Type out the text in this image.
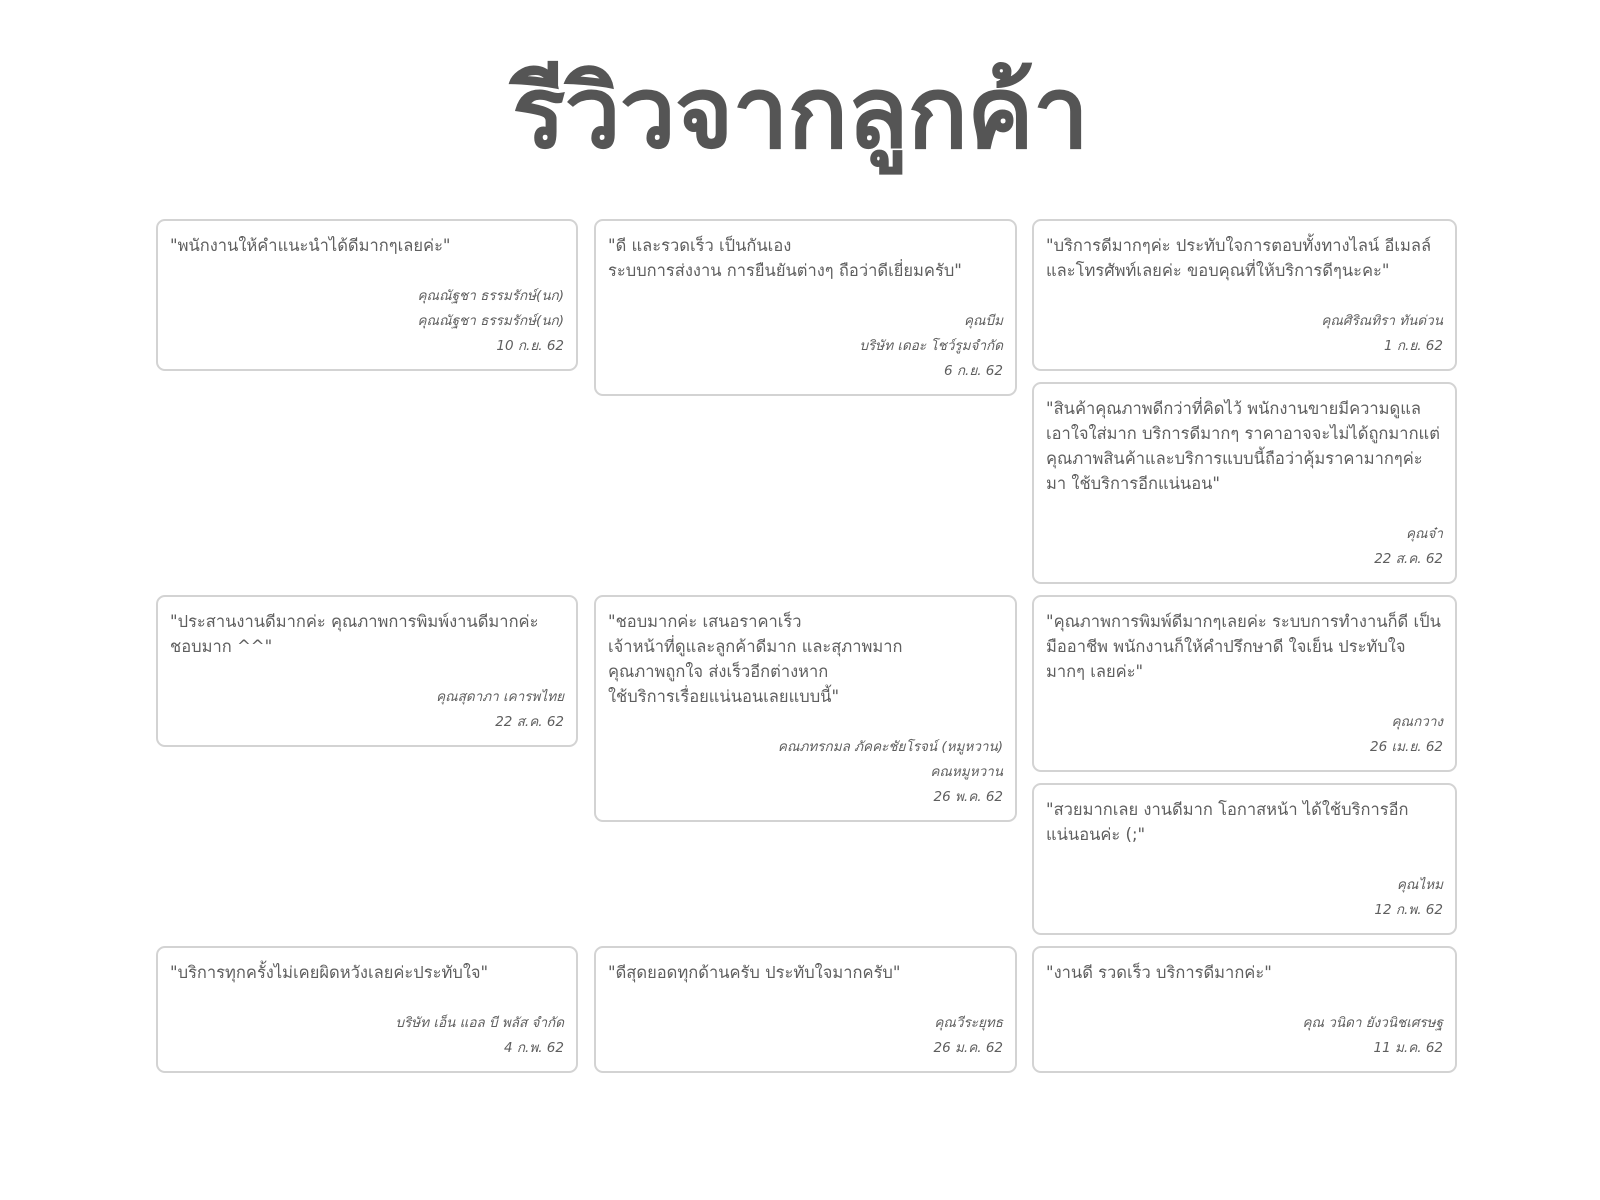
รีวิวจากลูกค้า
"พนักงานให้คำแนะนำได้ดีมากๆเลยค่ะ"
คุณณัฐชา ธรรมรักษ์(นก)
คุณณัฐชา ธรรมรักษ์(นก)
10 ก.ย. 62
"ดี และรวดเร็ว เป็นกันเอง
ระบบการส่งงาน การยืนยันต่างๆ ถือว่าดีเยี่ยมครับ"
คุณบีม
บริษัท เดอะ โชว์รูมจำกัด
6 ก.ย. 62
"บริการดีมากๆค่ะ ประทับใจการตอบทั้งทางไลน์ อีเมลล์ และโทรศัพท์เลยค่ะ ขอบคุณที่ให้บริการดีๆนะคะ"
คุณศิริณทิรา ทันด่วน
1 ก.ย. 62
"สินค้าคุณภาพดีกว่าที่คิดไว้ พนักงานขายมีความดูแล เอาใจใส่มาก บริการดีมากๆ ราคาอาจจะไม่ได้ถูกมากแต่ คุณภาพสินค้าและบริการแบบนี้ถือว่าคุ้มราคามากๆค่ะ มา ใช้บริการอีกแน่นอน"
คุณจ๋า
22 ส.ค. 62
"ประสานงานดีมากค่ะ คุณภาพการพิมพ์งานดีมากค่ะ ชอบมาก ^^"
คุณสุดาภา เคารพไทย
22 ส.ค. 62
"ชอบมากค่ะ เสนอราคาเร็ว
เจ้าหน้าที่ดูและลูกค้าดีมาก และสุภาพมาก
คุณภาพถูกใจ ส่งเร็วอีกต่างหาก
ใช้บริการเรื่อยแน่นอนเลยแบบนี้"
คณภทรกมล ภัคคะชัยโรจน์ (หมูหวาน)
คณหมูหวาน
26 พ.ค. 62
"คุณภาพการพิมพ์ดีมากๆเลยค่ะ ระบบการทำงานก็ดี เป็น มืออาชีพ พนักงานก็ให้คำปรึกษาดี ใจเย็น ประทับใจมากๆ เลยค่ะ"
คุณกวาง
26 เม.ย. 62
"สวยมากเลย งานดีมาก โอกาสหน้า ได้ใช้บริการอีก แน่นอนค่ะ (;"
คุณไหม
12 ก.พ. 62
"บริการทุกครั้งไม่เคยผิดหวังเลยค่ะประทับใจ"
บริษัท เอ็น แอล บี พลัส จำกัด
4 ก.พ. 62
"ดีสุดยอดทุกด้านครับ ประทับใจมากครับ"
คุณวีระยุทธ
26 ม.ค. 62
"งานดี รวดเร็ว บริการดีมากค่ะ"
คุณ วนิดา ยังวนิชเศรษฐ
11 ม.ค. 62
